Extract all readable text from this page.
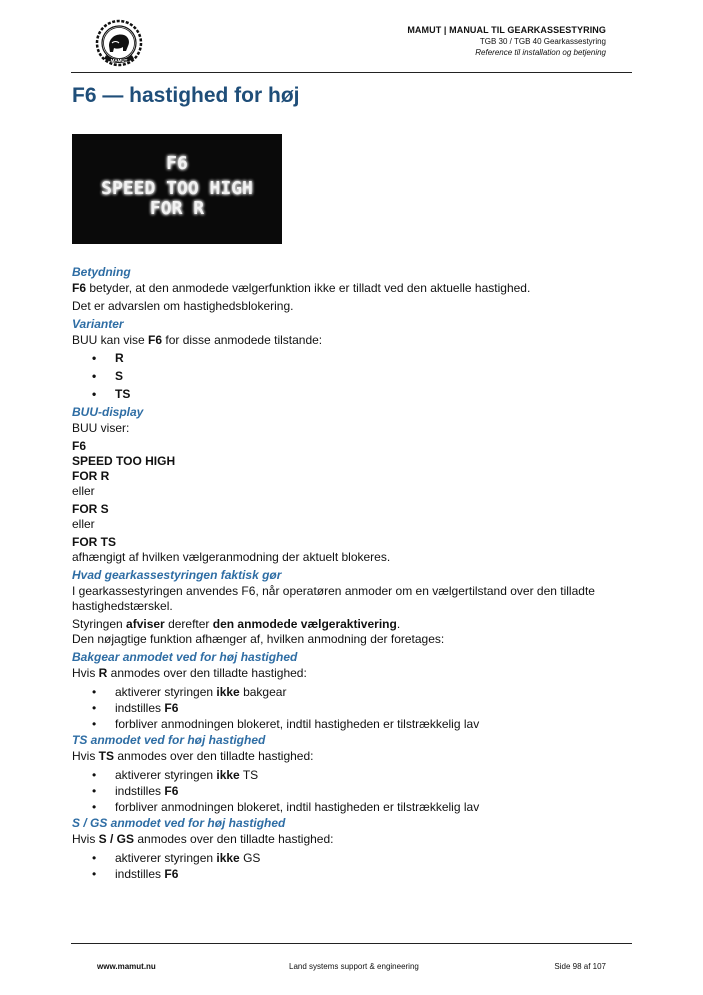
MAMUT
MAMUT | MANUAL TIL GEARKASSESTYRING
TGB 30 / TGB 40 Gearkassestyring
Reference til installation og betjening
F6 — hastighed for høj
F6
SPEED TOO HIGH
FOR R
Betydning

F6 betyder, at den anmodede vælgerfunktion ikke er tilladt ved den aktuelle hastighed.

Det er advarslen om hastighedsblokering.

Varianter

BUU kan vise F6 for disse anmodede tilstande:

• R
• S
• TS
BUU-display

BUU viser:

F6

SPEED TOO HIGH

FOR R

eller

FOR S

eller

FOR TS

afhængigt af hvilken vælgeranmodning der aktuelt blokeres.

Hvad gearkassestyringen faktisk gør

I gearkassestyringen anvendes F6, når operatøren anmoder om en vælgertilstand over den tilladte hastighedstærskel.

Styringen afviser derefter den anmodede vælgeraktivering.

Den nøjagtige funktion afhænger af, hvilken anmodning der foretages:

Bakgear anmodet ved for høj hastighed

Hvis R anmodes over den tilladte hastighed:

• aktiverer styringen ikke bakgear
• indstilles F6
• forbliver anmodningen blokeret, indtil hastigheden er tilstrækkelig lav
TS anmodet ved for høj hastighed

Hvis TS anmodes over den tilladte hastighed:

• aktiverer styringen ikke TS
• indstilles F6
• forbliver anmodningen blokeret, indtil hastigheden er tilstrækkelig lav
S / GS anmodet ved for høj hastighed

Hvis S / GS anmodes over den tilladte hastighed:

• aktiverer styringen ikke GS
• indstilles F6
www.mamut.nu	Land systems support & engineering	Side 98 af 107
